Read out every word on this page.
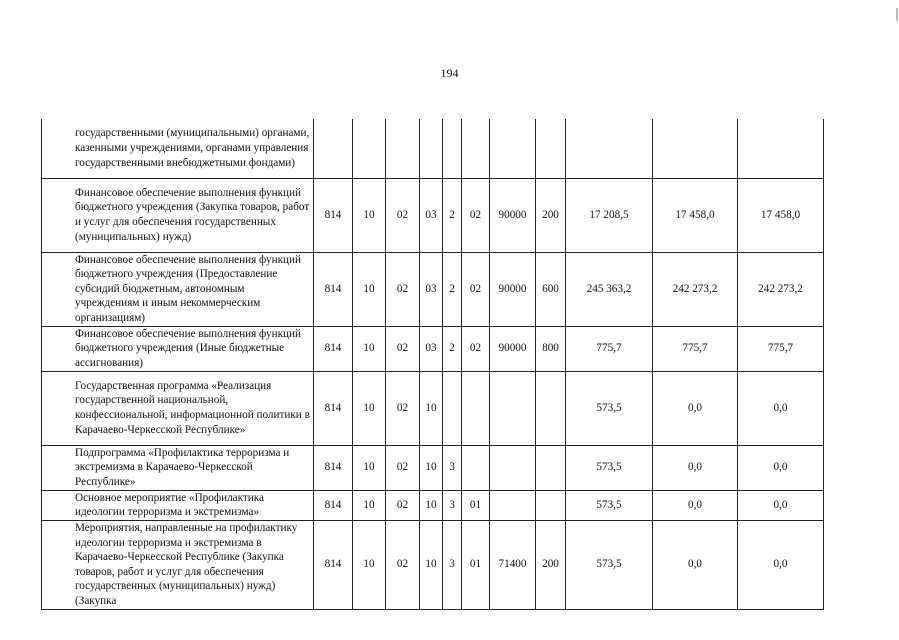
194
государственными (муниципальными) органами, казенными учреждениями, органами управления государственными внебюджетными фондами)											

Финансовое обеспечение выполнения функций бюджетного учреждения (Закупка товаров, работ и услуг для обеспечения государственных (муниципальных) нужд)	814	10	02	03	2	02	90000	200	17 208,5	17 458,0	17 458,0

Финансовое обеспечение выполнения функций бюджетного учреждения (Предоставление субсидий бюджетным, автономным учреждениям и иным некоммерческим организациям)	814	10	02	03	2	02	90000	600	245 363,2	242 273,2	242 273,2

Финансовое обеспечение выполнения функций бюджетного учреждения (Иные бюджетные ассигнования)	814	10	02	03	2	02	90000	800	775,7	775,7	775,7

Государственная программа «Реализация государственной национальной, конфессиональной, информационной политики в Карачаево-Черкесской Республике»	814	10	02	10					573,5	0,0	0,0

Подпрограмма «Профилактика терроризма и экстремизма в Карачаево-Черкесской Республике»	814	10	02	10	3				573,5	0,0	0,0

Основное мероприятие «Профилактика идеологии терроризма и экстремизма»	814	10	02	10	3	01			573,5	0,0	0,0

Мероприятия, направленные на профилактику идеологии терроризма и экстремизма в Карачаево-Черкесской Республике (Закупка товаров, работ и услуг для обеспечения государственных (муниципальных) нужд) (Закупка	814	10	02	10	3	01	71400	200	573,5	0,0	0,0
